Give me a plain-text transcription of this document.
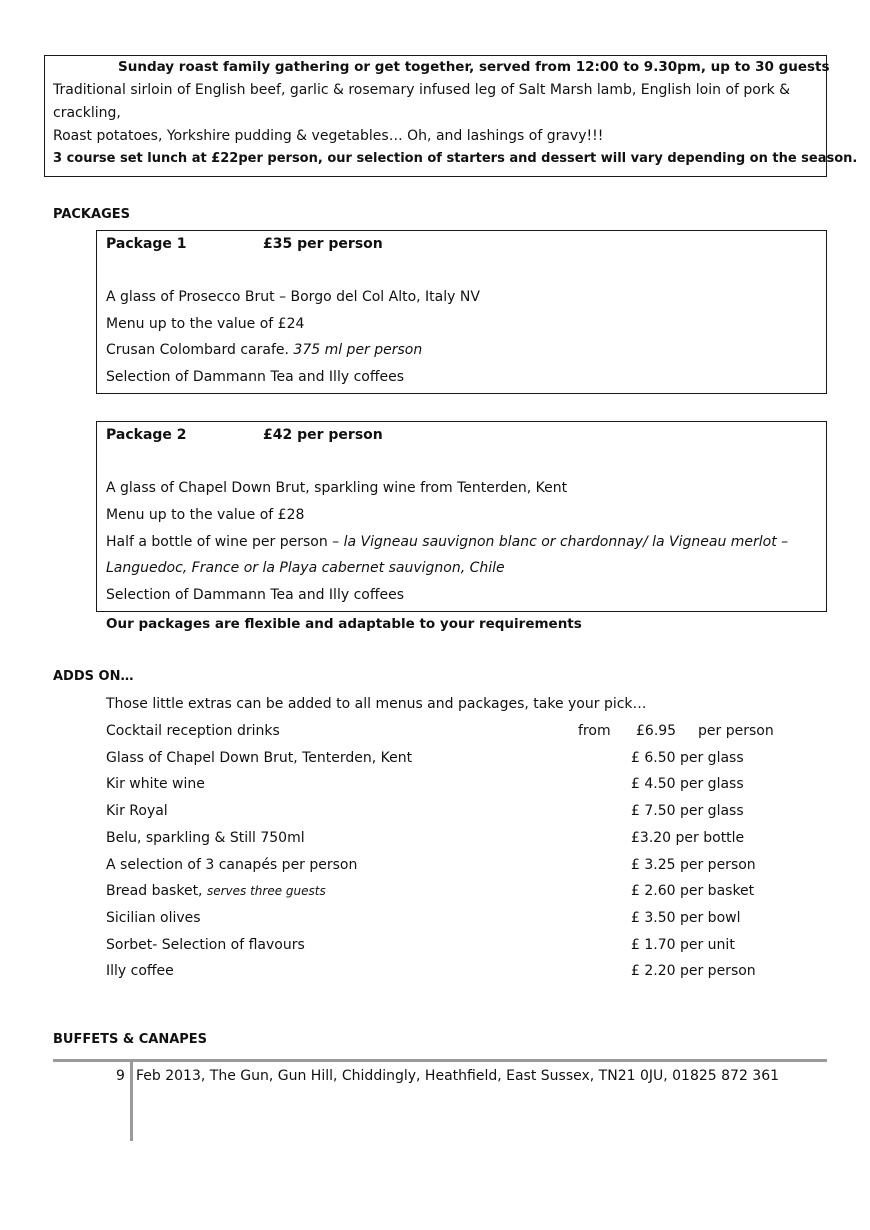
Sunday roast family gathering or get together, served from 12:00 to 9.30pm, up to 30 guests
Traditional sirloin of English beef, garlic & rosemary infused leg of Salt Marsh lamb, English loin of pork &
crackling,
Roast potatoes, Yorkshire pudding & vegetables… Oh, and lashings of gravy!!!
3 course set lunch at £22per person, our selection of starters and dessert will vary depending on the season.
PACKAGES
Package 1	£35 per person
A glass of Prosecco Brut – Borgo del Col Alto, Italy NV
Menu up to the value of £24
Crusan Colombard carafe. 375 ml per person
Selection of Dammann Tea and Illy coffees
Package 2	£42 per person
A glass of Chapel Down Brut, sparkling wine from Tenterden, Kent
Menu up to the value of £28
Half a bottle of wine per person – la Vigneau sauvignon blanc or chardonnay/ la Vigneau merlot –
Languedoc, France or la Playa cabernet sauvignon, Chile
Selection of Dammann Tea and Illy coffees
Our packages are flexible and adaptable to your requirements
ADDS ON…
Those little extras can be added to all menus and packages, take your pick…
Cocktail reception drinks	from £6.95 per person
Glass of Chapel Down Brut, Tenterden, Kent	£ 6.50 per glass
Kir white wine	£ 4.50 per glass
Kir Royal	£ 7.50 per glass
Belu, sparkling & Still 750ml	£3.20 per bottle
A selection of 3 canapés per person	£ 3.25 per person
Bread basket, serves three guests	£ 2.60 per basket
Sicilian olives	£ 3.50 per bowl
Sorbet- Selection of flavours	£ 1.70 per unit
Illy coffee	£ 2.20 per person
BUFFETS & CANAPES
9 Feb 2013, The Gun, Gun Hill, Chiddingly, Heathfield, East Sussex, TN21 0JU, 01825 872 361
